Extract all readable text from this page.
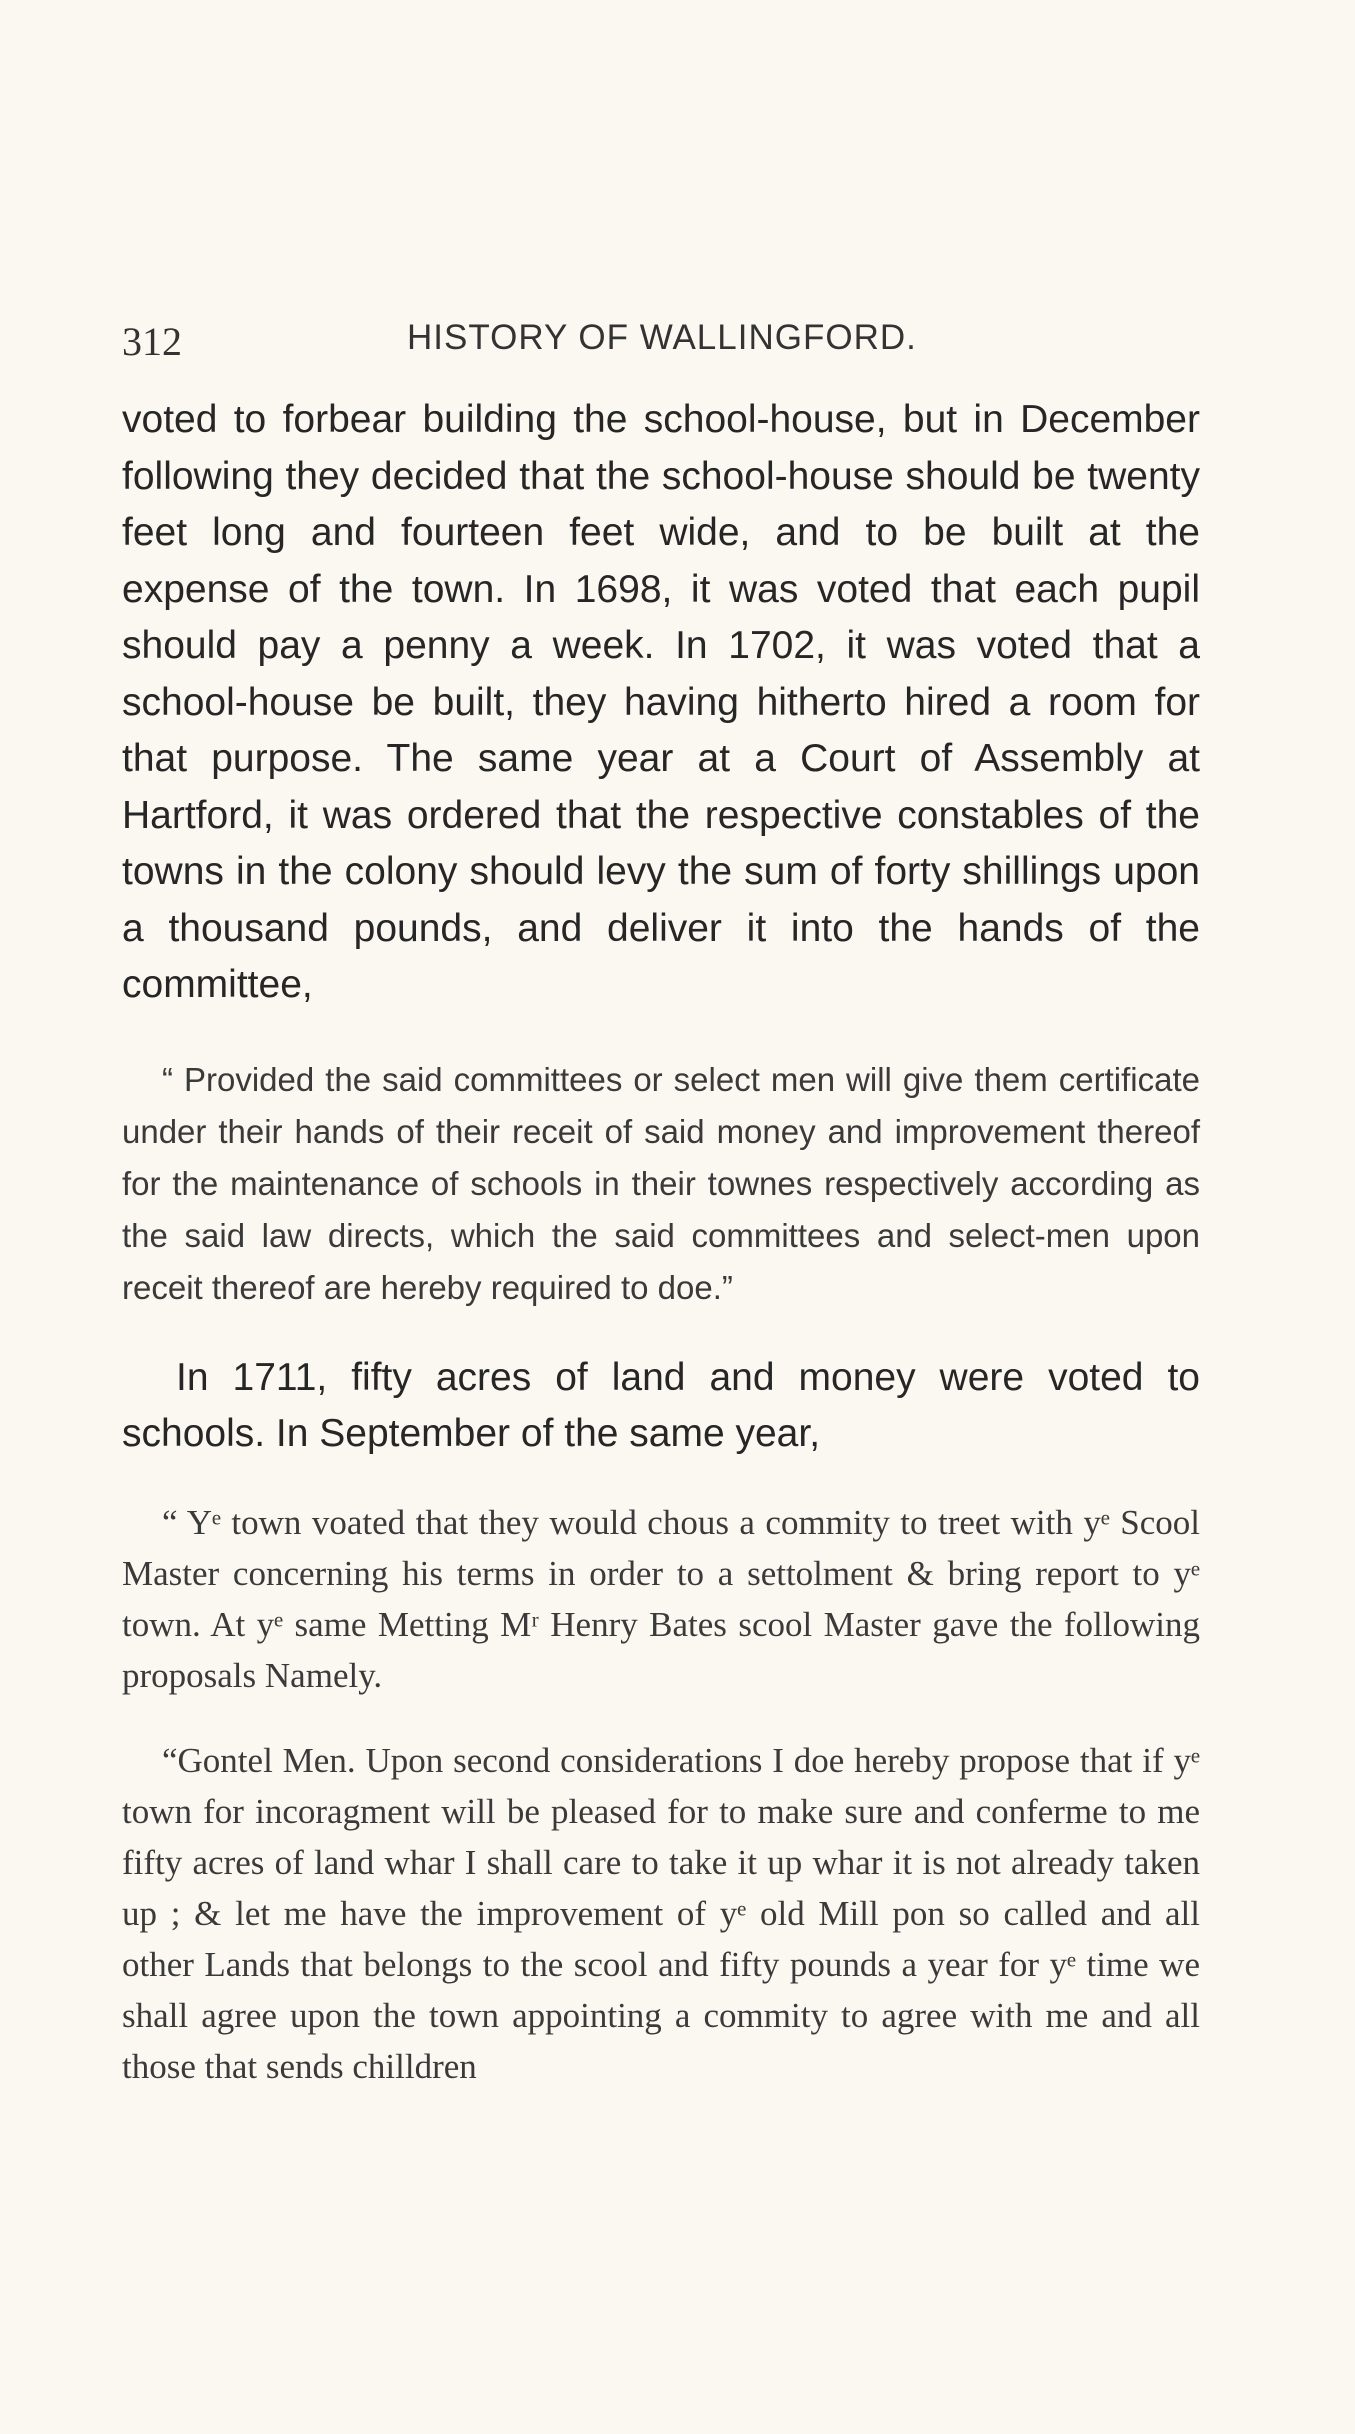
312	HISTORY OF WALLINGFORD.

voted to forbear building the school-house, but in December following they decided that the school-house should be twenty feet long and fourteen feet wide, and to be built at the expense of the town. In 1698, it was voted that each pupil should pay a penny a week. In 1702, it was voted that a school-house be built, they having hitherto hired a room for that purpose. The same year at a Court of Assembly at Hartford, it was ordered that the respective constables of the towns in the colony should levy the sum of forty shillings upon a thousand pounds, and deliver it into the hands of the committee,

“ Provided the said committees or select men will give them certificate under their hands of their receit of said money and improvement thereof for the maintenance of schools in their townes respectively according as the said law directs, which the said committees and select-men upon receit thereof are hereby required to doe.”

In 1711, fifty acres of land and money were voted to schools. In September of the same year,

“ Yᵉ town voated that they would chous a commity to treet with yᵉ Scool Master concerning his terms in order to a settolment & bring report to yᵉ town. At yᵉ same Metting Mʳ Henry Bates scool Master gave the following proposals Namely.

“Gontel Men. Upon second considerations I doe hereby propose that if yᵉ town for incoragment will be pleased for to make sure and conferme to me fifty acres of land whar I shall care to take it up whar it is not already taken up ; & let me have the improvement of yᵉ old Mill pon so called and all other Lands that belongs to the scool and fifty pounds a year for yᵉ time we shall agree upon the town appointing a commity to agree with me and all those that sends chilldren
